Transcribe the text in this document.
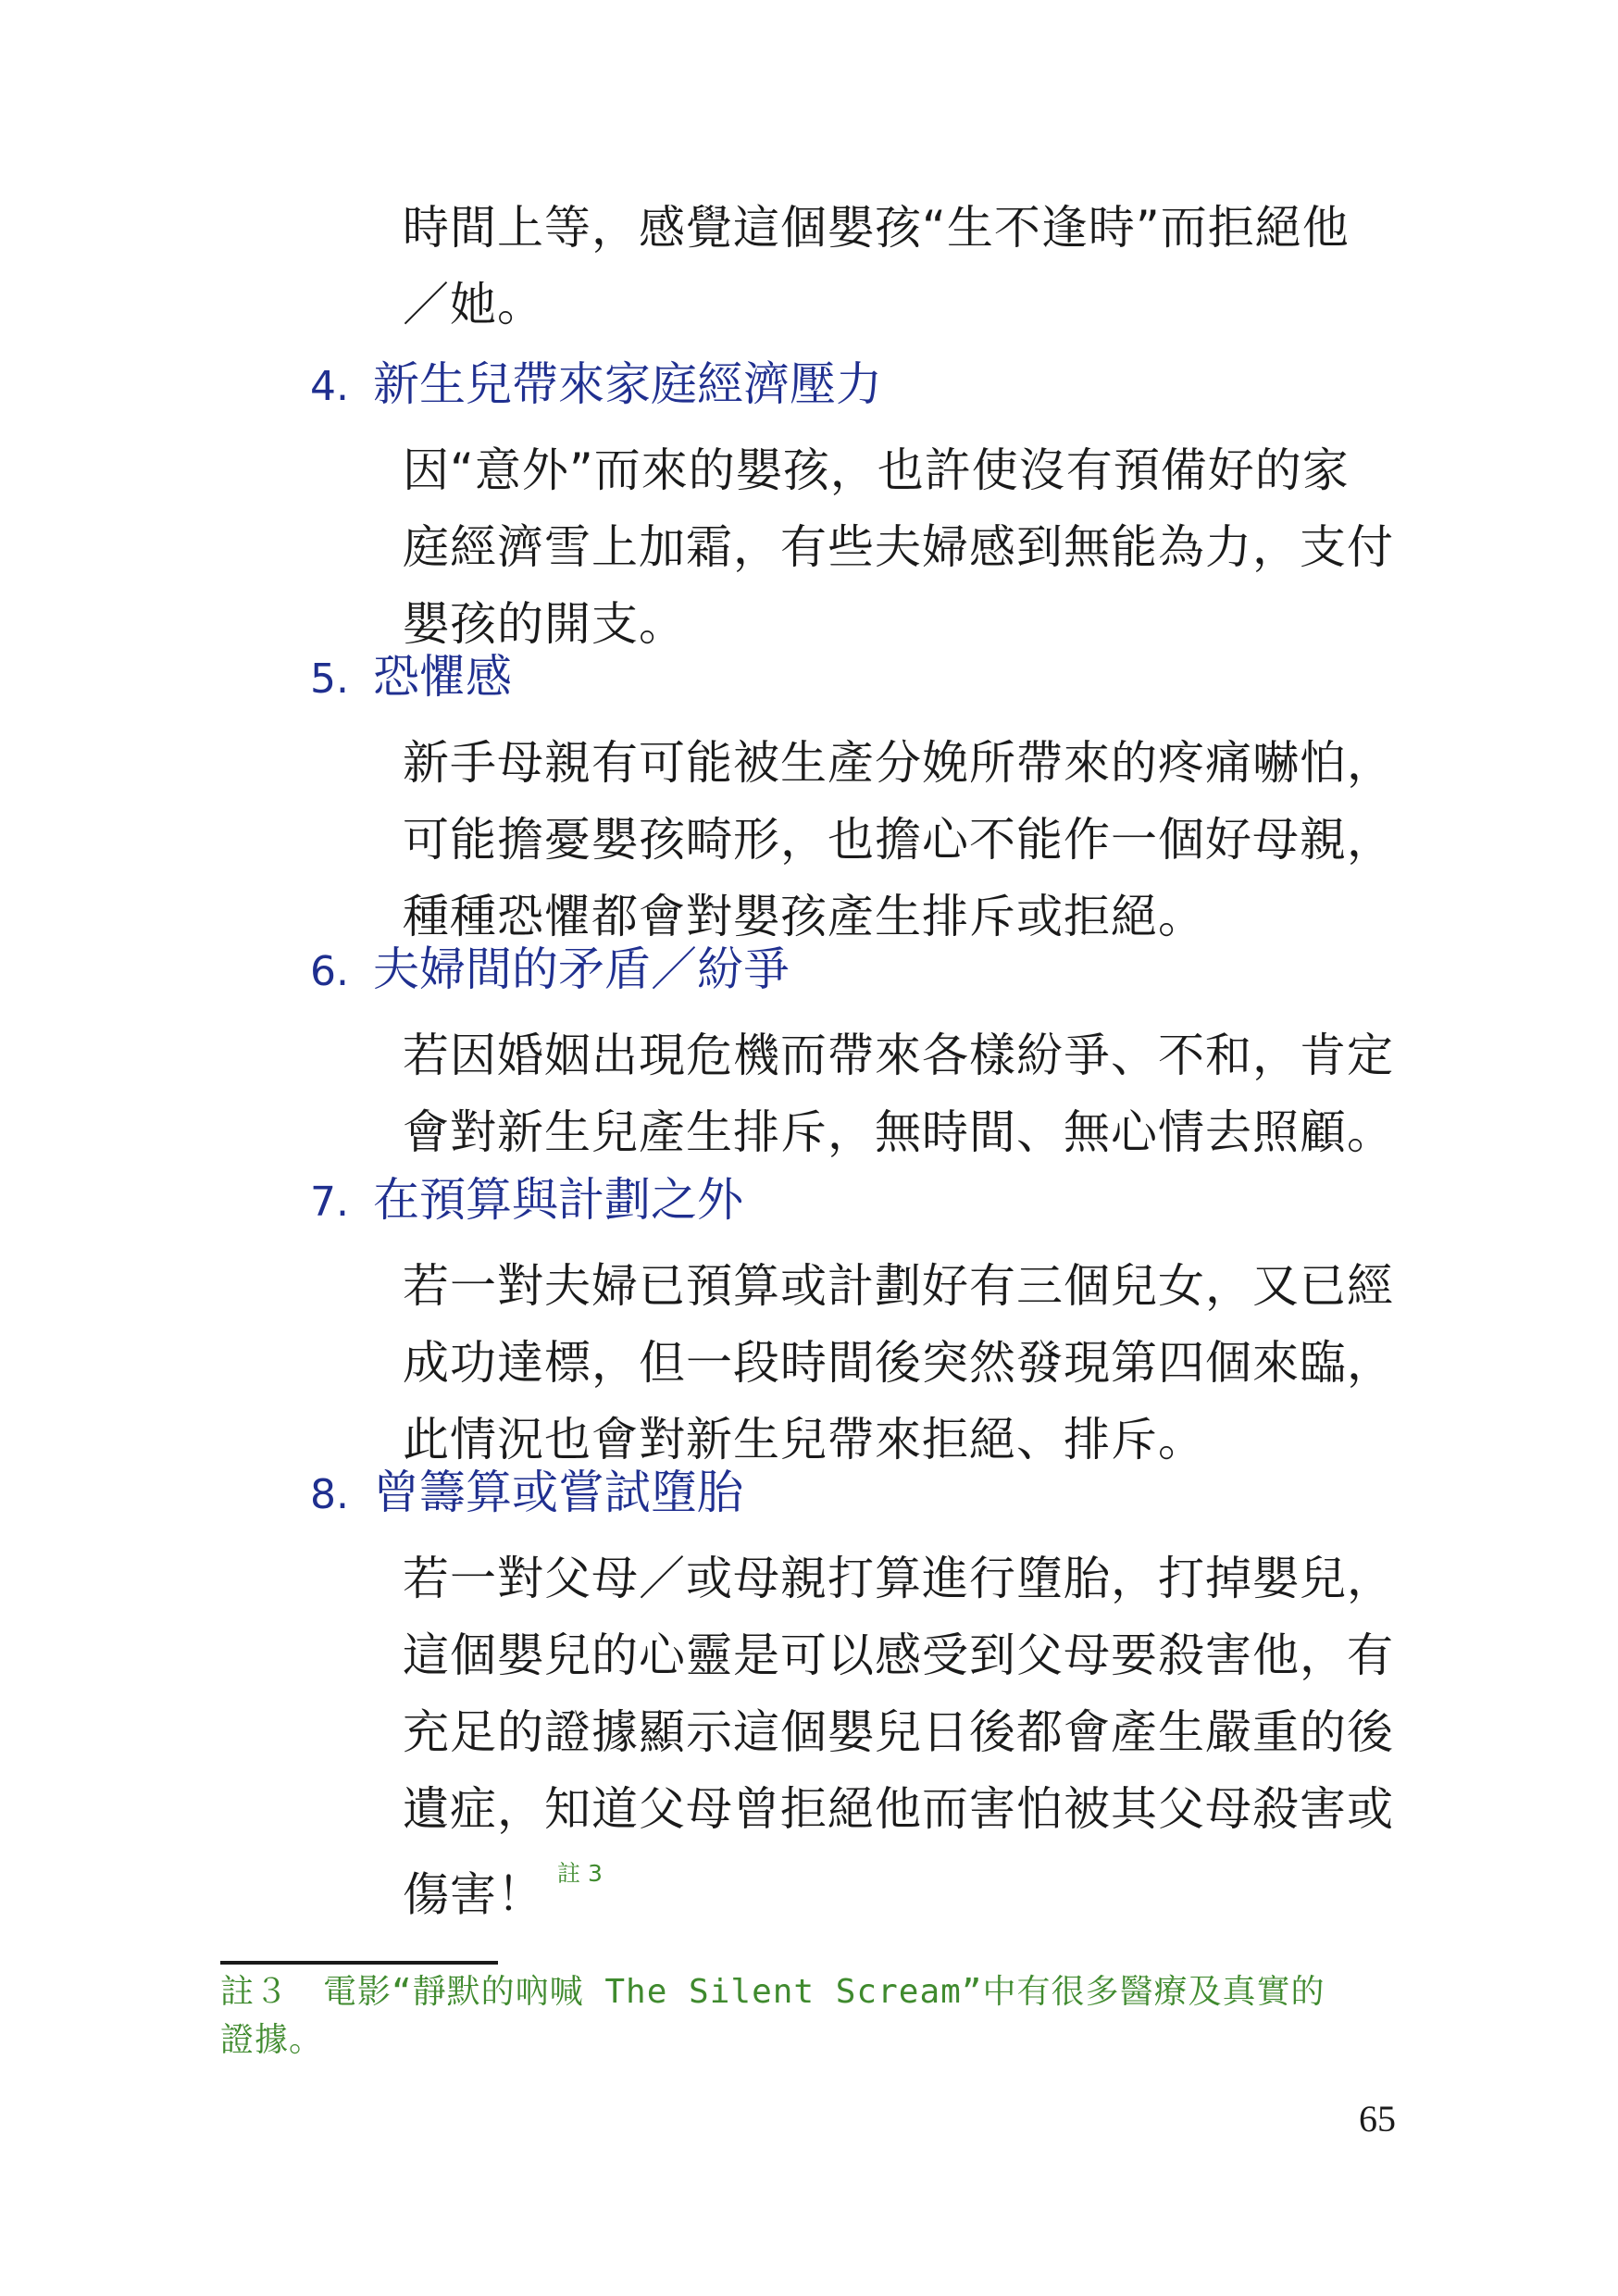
時間上等，感覺這個嬰孩“生不逢時”而拒絕他
／她。
4. 新生兒帶來家庭經濟壓力
因“意外”而來的嬰孩，也許使沒有預備好的家
庭經濟雪上加霜，有些夫婦感到無能為力，支付
嬰孩的開支。
5. 恐懼感
新手母親有可能被生產分娩所帶來的疼痛嚇怕，
可能擔憂嬰孩畸形，也擔心不能作一個好母親，
種種恐懼都會對嬰孩產生排斥或拒絕。
6. 夫婦間的矛盾／紛爭
若因婚姻出現危機而帶來各樣紛爭、不和，肯定
會對新生兒產生排斥，無時間、無心情去照顧。
7. 在預算與計劃之外
若一對夫婦已預算或計劃好有三個兒女，又已經
成功達標，但一段時間後突然發現第四個來臨，
此情況也會對新生兒帶來拒絕、排斥。
8. 曾籌算或嘗試墮胎
若一對父母／或母親打算進行墮胎，打掉嬰兒，
這個嬰兒的心靈是可以感受到父母要殺害他，有
充足的證據顯示這個嬰兒日後都會產生嚴重的後
遺症，知道父母曾拒絕他而害怕被其父母殺害或
傷害！ $^{註 3}$
註３　電影“靜默的吶喊 The Silent Scream”中有很多醫療及真實的
證據。
65
